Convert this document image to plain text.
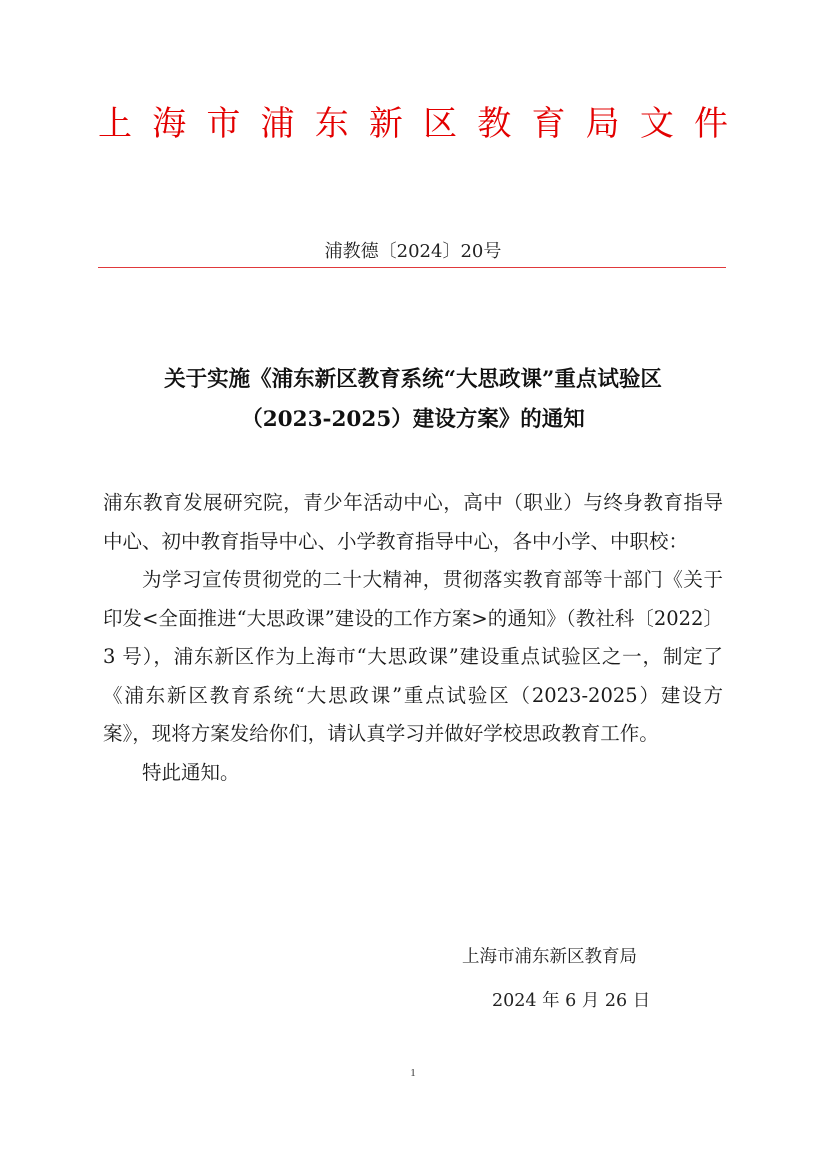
上海市浦东新区教育局文件
浦教德〔2024〕20号
关于实施《浦东新区教育系统“大思政课”重点试验区
（2023-2025）建设方案》的通知

浦东教育发展研究院，青少年活动中心，高中（职业）与终身教育指导中心、初中教育指导中心、小学教育指导中心，各中小学、中职校：

为学习宣传贯彻党的二十大精神，贯彻落实教育部等十部门《关于印发<全面推进“大思政课”建设的工作方案>的通知》（教社科〔2022〕3 号），浦东新区作为上海市“大思政课”建设重点试验区之一，制定了《浦东新区教育系统“大思政课”重点试验区（2023-2025）建设方案》，现将方案发给你们，请认真学习并做好学校思政教育工作。

特此通知。

上海市浦东新区教育局
2024 年 6 月 26 日
1
